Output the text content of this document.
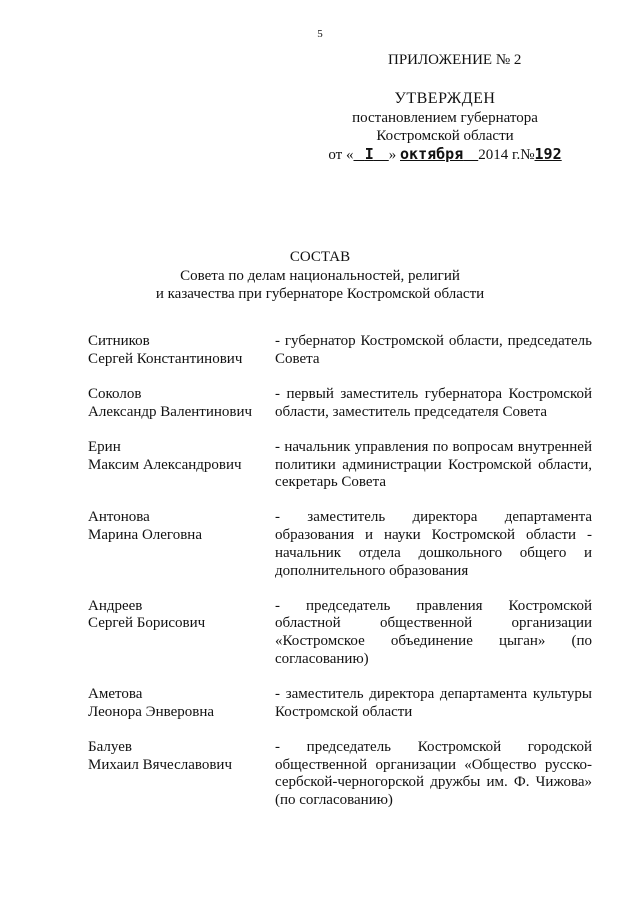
5
ПРИЛОЖЕНИЕ № 2
УТВЕРЖДЕН
постановлением губернатора
Костромской области
от « I » октября 2014 г.№192
СОСТАВ
Совета по делам национальностей, религий
и казачества при губернаторе Костромской области
Ситников
Сергей Константинович
- губернатор Костромской области, председатель Совета
Соколов
Александр Валентинович
- первый заместитель губернатора Костромской области, заместитель председателя Совета
Ерин
Максим Александрович
- начальник управления по вопросам внутренней политики администрации Костромской области, секретарь Совета
Антонова
Марина Олеговна
- заместитель директора департамента образования и науки Костромской области - начальник отдела дошкольного общего и дополнительного образования
Андреев
Сергей Борисович
- председатель правления Костромской областной общественной организации «Костромское объединение цыган» (по согласованию)
Аметова
Леонора Энверовна
- заместитель директора департамента культуры Костромской области
Балуев
Михаил Вячеславович
- председатель Костромской городской общественной организации «Общество русско-сербской-черногорской дружбы им. Ф. Чижова» (по согласованию)
